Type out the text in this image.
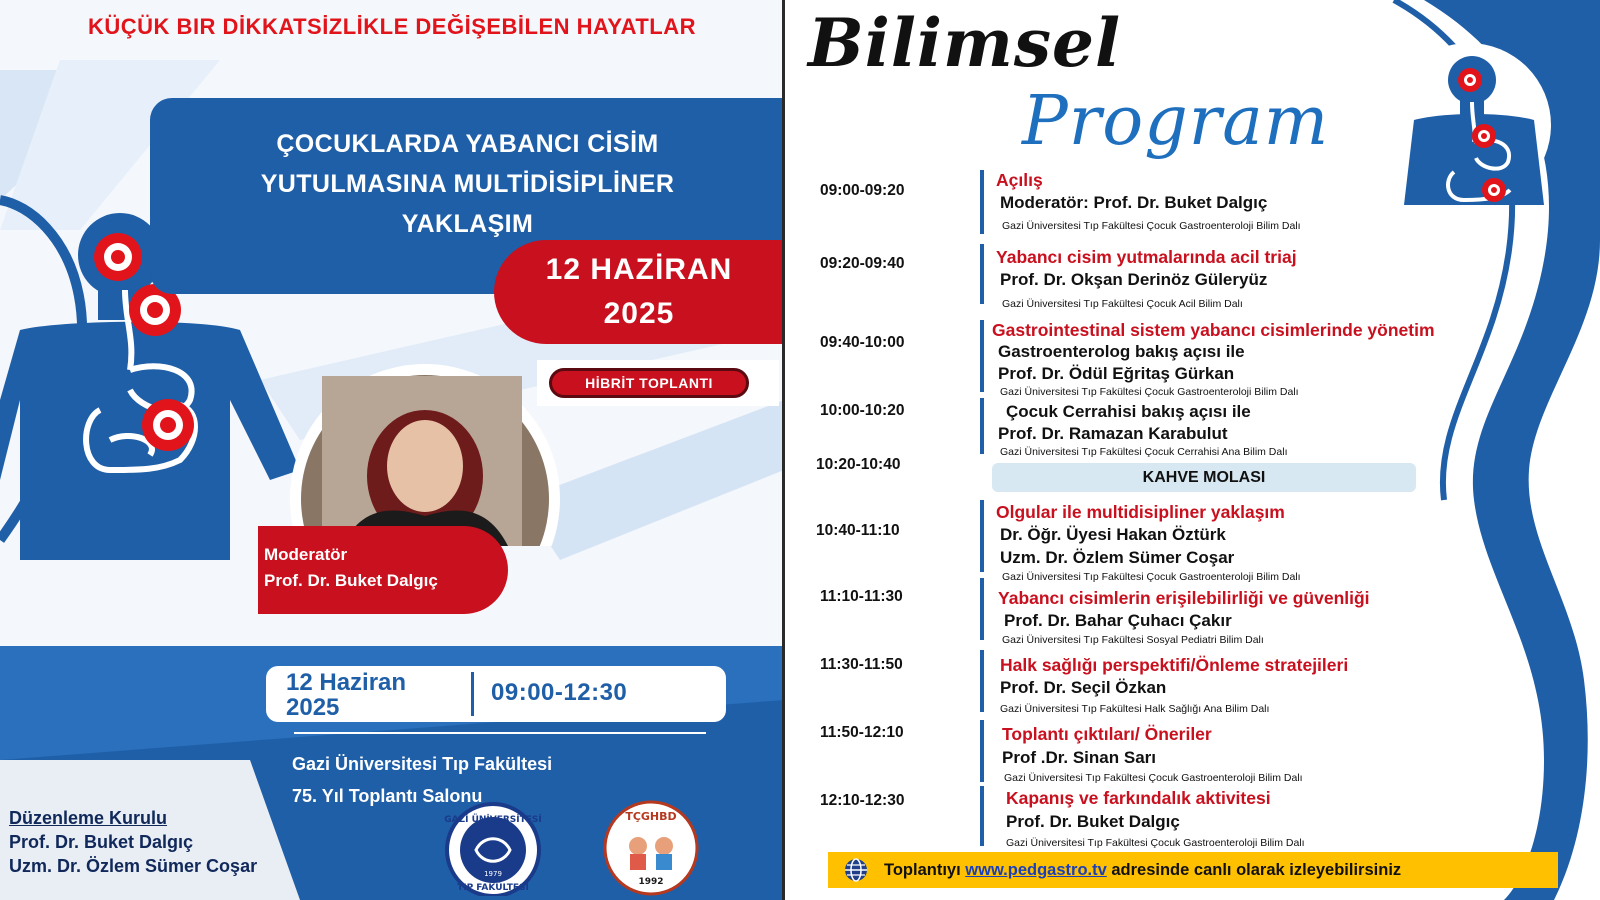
KÜÇÜK BIR DİKKATSİZLİKLE DEĞİŞEBİLEN HAYATLAR
ÇOCUKLARDA YABANCI CİSİM
YUTULMASINA MULTİDİSİPLİNER
YAKLAŞIM
12 HAZİRAN
2025
HİBRİT TOPLANTI
Moderatör
Prof. Dr. Buket Dalgıç
12 Haziran
2025
09:00-12:30
Gazi Üniversitesi Tıp Fakültesi
75. Yıl Toplantı Salonu
Düzenleme Kurulu
Prof. Dr. Buket Dalgıç
Uzm. Dr. Özlem Sümer Coşar
GAZİ ÜNİVERSİTESİ
TIP FAKÜLTESİ
1979
TÇGHBD
1992
Bilimsel
Program
09:00-09:20
Açılış
Moderatör: Prof. Dr. Buket Dalgıç
Gazi Üniversitesi Tıp Fakültesi Çocuk Gastroenteroloji Bilim Dalı
09:20-09:40	Yabancı cisim yutmalarında acil triaj
Prof. Dr. Okşan Derinöz Güleryüz
Gazi Üniversitesi Tıp Fakültesi Çocuk Acil Bilim Dalı
09:40-10:00
Gastrointestinal sistem yabancı cisimlerinde yönetim
Gastroenterolog bakış açısı ile
Prof. Dr. Ödül Eğritaş Gürkan
Gazi Üniversitesi Tıp Fakültesi Çocuk Gastroenteroloji Bilim Dalı
10:00-10:20	Çocuk Cerrahisi bakış açısı ile
Prof. Dr. Ramazan Karabulut
Gazi Üniversitesi Tıp Fakültesi Çocuk Cerrahisi Ana Bilim Dalı
10:20-10:40
KAHVE MOLASI
10:40-11:10
Olgular ile multidisipliner yaklaşım
Dr. Öğr. Üyesi Hakan Öztürk
Uzm. Dr. Özlem Sümer Coşar
Gazi Üniversitesi Tıp Fakültesi Çocuk Gastroenteroloji Bilim Dalı
11:10-11:30	Yabancı cisimlerin erişilebilirliği ve güvenliği
Prof. Dr. Bahar Çuhacı Çakır
Gazi Üniversitesi Tıp Fakültesi Sosyal Pediatri Bilim Dalı
11:30-11:50	Halk sağlığı perspektifi/Önleme stratejileri
Prof. Dr. Seçil Özkan
Gazi Üniversitesi Tıp Fakültesi Halk Sağlığı Ana Bilim Dalı
11:50-12:10	Toplantı çıktıları/ Öneriler
Prof .Dr. Sinan Sarı
Gazi Üniversitesi Tıp Fakültesi Çocuk Gastroenteroloji Bilim Dalı
12:10-12:30	Kapanış ve farkındalık aktivitesi
Prof. Dr. Buket Dalgıç
Gazi Üniversitesi Tıp Fakültesi Çocuk Gastroenteroloji Bilim Dalı
Toplantıyı www.pedgastro.tv adresinde canlı olarak izleyebilirsiniz
